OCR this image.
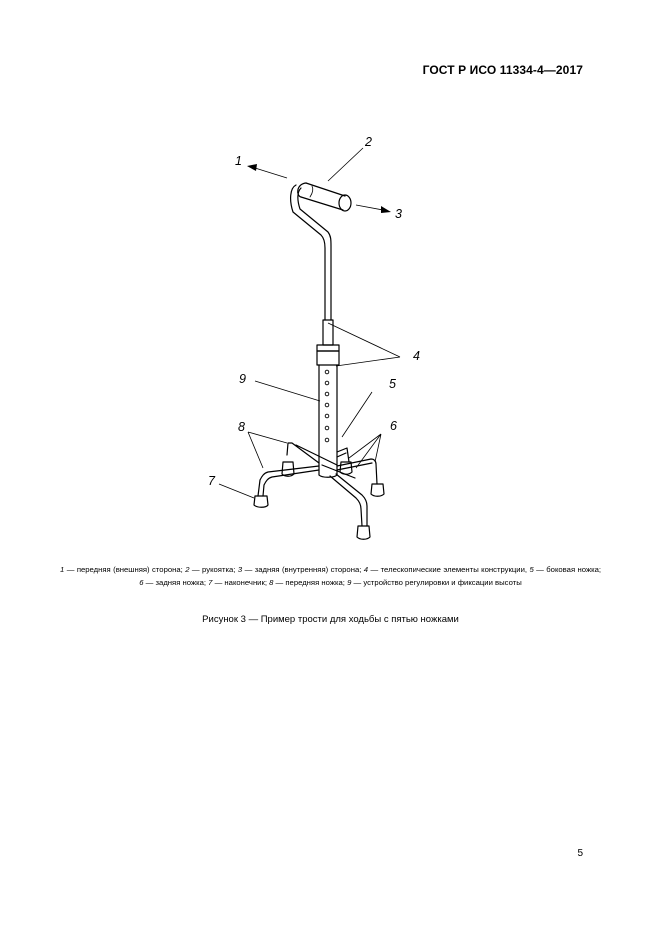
ГОСТ Р ИСО 11334-4—2017
1
2
3
4
5
6
7
8
9
1 — передняя (внешняя) сторона; 2 — рукоятка; 3 — задняя (внутренняя) сторона; 4 — телескопические элементы конструкции, 5 — боковая ножка; 6 — задняя ножка; 7 — наконечник; 8 — передняя ножка; 9 — устройство регулировки и фиксации высоты
Рисунок 3 — Пример трости для ходьбы с пятью ножками
5
